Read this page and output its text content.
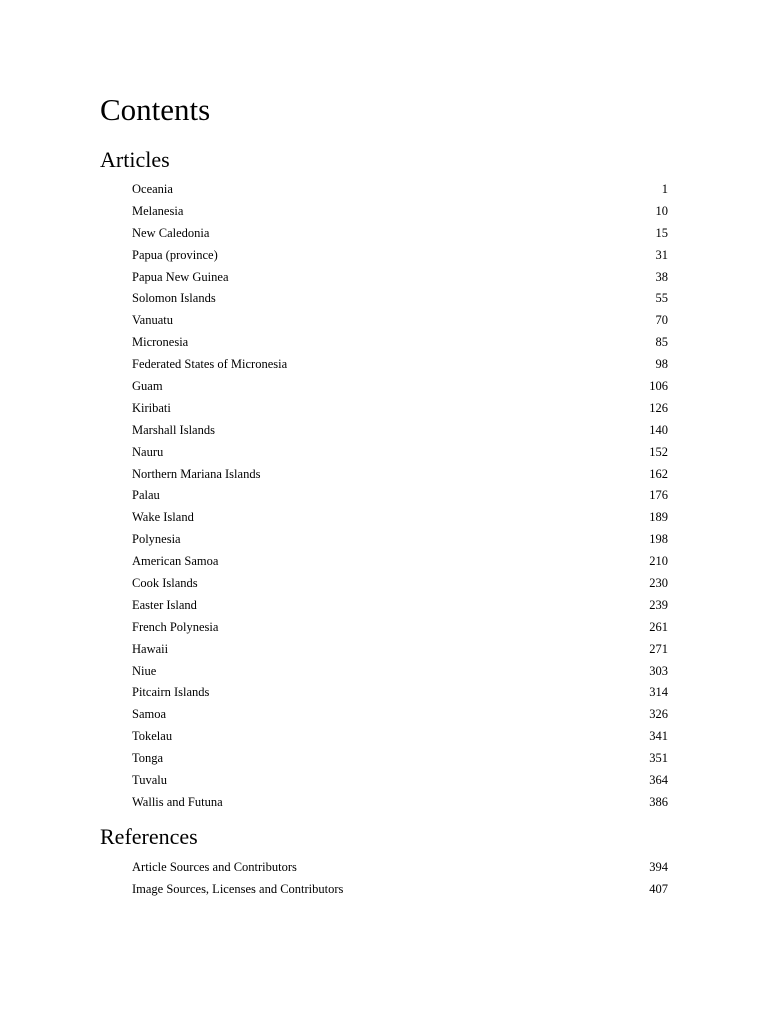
Contents
Articles
Oceania	1
Melanesia	10
New Caledonia	15
Papua (province)	31
Papua New Guinea	38
Solomon Islands	55
Vanuatu	70
Micronesia	85
Federated States of Micronesia	98
Guam	106
Kiribati	126
Marshall Islands	140
Nauru	152
Northern Mariana Islands	162
Palau	176
Wake Island	189
Polynesia	198
American Samoa	210
Cook Islands	230
Easter Island	239
French Polynesia	261
Hawaii	271
Niue	303
Pitcairn Islands	314
Samoa	326
Tokelau	341
Tonga	351
Tuvalu	364
Wallis and Futuna	386
References
Article Sources and Contributors	394
Image Sources, Licenses and Contributors	407
